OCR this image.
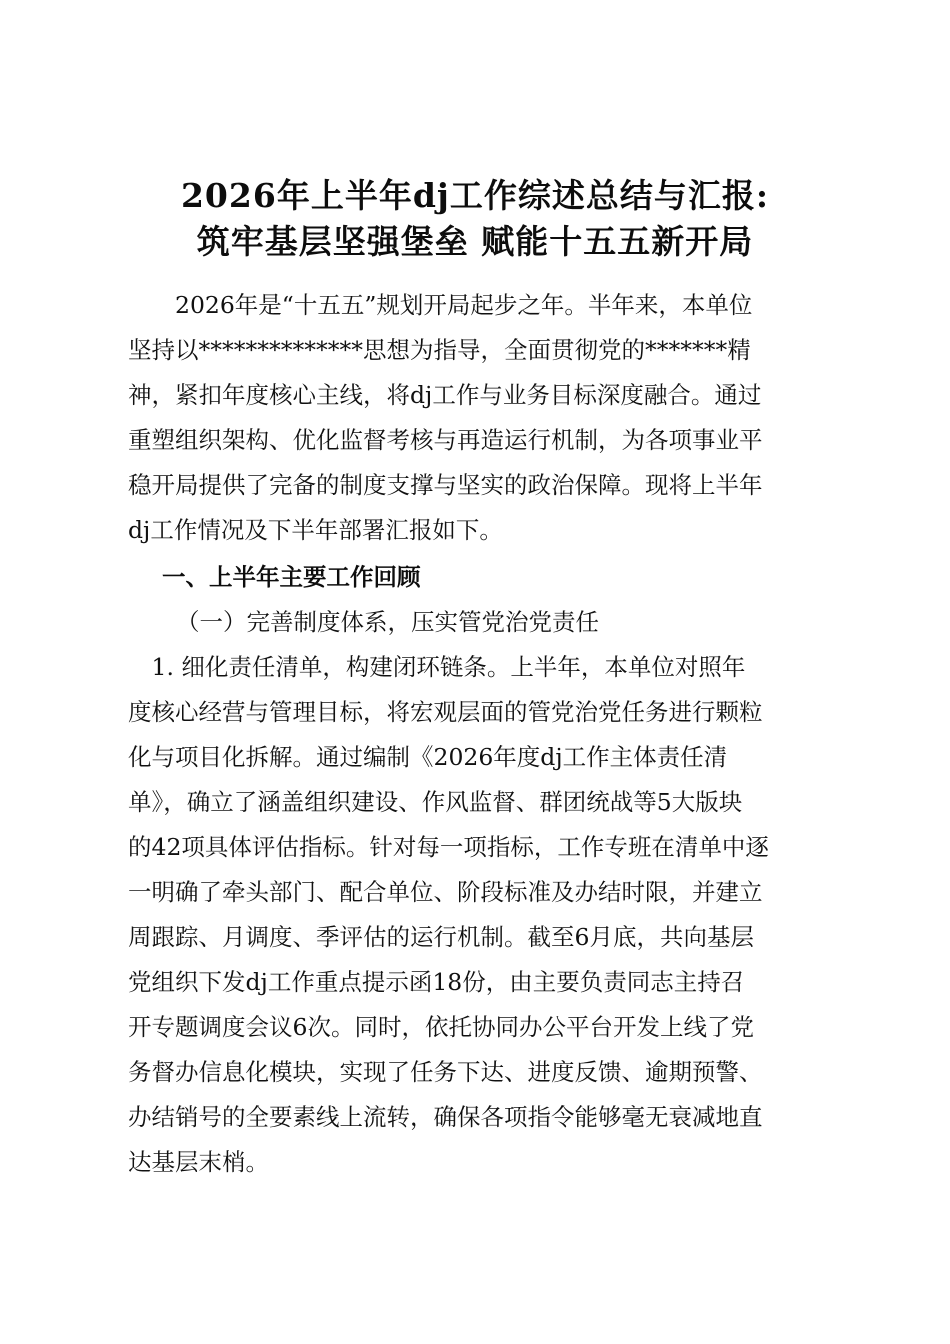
2026年上半年dj工作综述总结与汇报:
筑牢基层坚强堡垒 赋能十五五新开局
　　2026年是“十五五”规划开局起步之年。半年来，本单位
坚持以**************思想为指导，全面贯彻党的*******精
神，紧扣年度核心主线，将dj工作与业务目标深度融合。通过
重塑组织架构、优化监督考核与再造运行机制，为各项事业平
稳开局提供了完备的制度支撑与坚实的政治保障。现将上半年
dj工作情况及下半年部署汇报如下。
一、上半年主要工作回顾
（一）完善制度体系，压实管党治党责任
　1. 细化责任清单，构建闭环链条。上半年，本单位对照年
度核心经营与管理目标，将宏观层面的管党治党任务进行颗粒
化与项目化拆解。通过编制《2026年度dj工作主体责任清
单》，确立了涵盖组织建设、作风监督、群团统战等5大版块
的42项具体评估指标。针对每一项指标，工作专班在清单中逐
一明确了牵头部门、配合单位、阶段标准及办结时限，并建立
周跟踪、月调度、季评估的运行机制。截至6月底，共向基层
党组织下发dj工作重点提示函18份，由主要负责同志主持召
开专题调度会议6次。同时，依托协同办公平台开发上线了党
务督办信息化模块，实现了任务下达、进度反馈、逾期预警、
办结销号的全要素线上流转，确保各项指令能够毫无衰减地直
达基层末梢。
